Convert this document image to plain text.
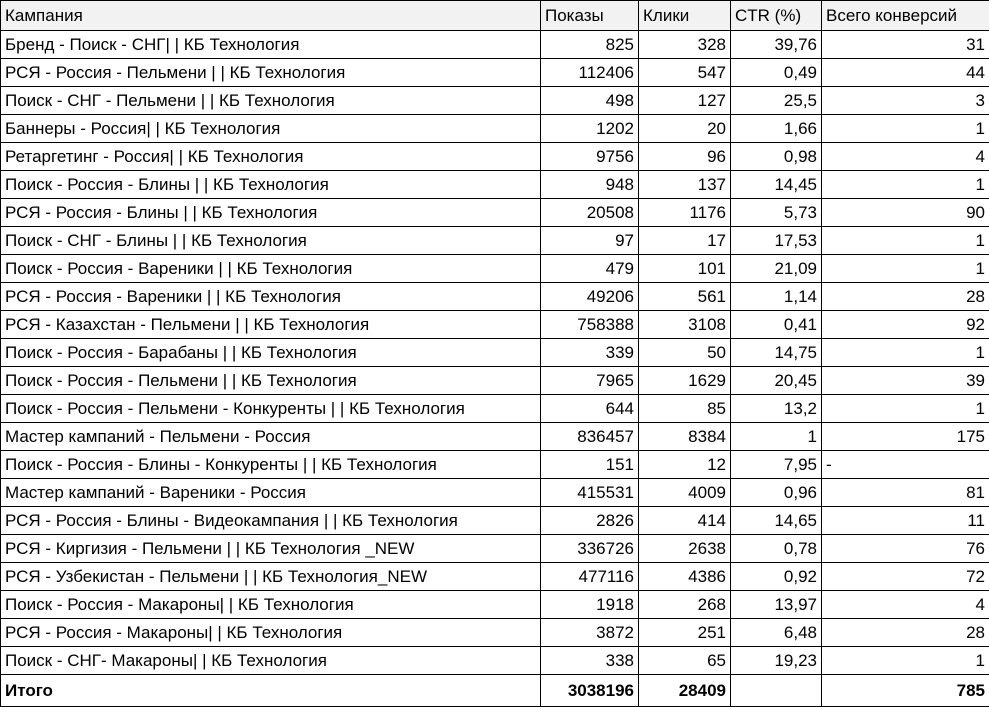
Кампания	Показы	Клики	CTR (%)	Всего конверсий
Бренд - Поиск - СНГ| | КБ Технология	825	328	39,76	31
РСЯ - Россия - Пельмени | | КБ Технология	112406	547	0,49	44
Поиск - СНГ - Пельмени | | КБ Технология	498	127	25,5	3
Баннеры - Россия| | КБ Технология	1202	20	1,66	1
Ретаргетинг - Россия| | КБ Технология	9756	96	0,98	4
Поиск - Россия - Блины | | КБ Технология	948	137	14,45	1
РСЯ - Россия - Блины | | КБ Технология	20508	1176	5,73	90
Поиск - СНГ - Блины | | КБ Технология	97	17	17,53	1
Поиск - Россия - Вареники | | КБ Технология	479	101	21,09	1
РСЯ - Россия - Вареники | | КБ Технология	49206	561	1,14	28
РСЯ - Казахстан - Пельмени | | КБ Технология	758388	3108	0,41	92
Поиск - Россия - Барабаны | | КБ Технология	339	50	14,75	1
Поиск - Россия - Пельмени | | КБ Технология	7965	1629	20,45	39
Поиск - Россия - Пельмени - Конкуренты | | КБ Технология	644	85	13,2	1
Мастер кампаний - Пельмени - Россия	836457	8384	1	175
Поиск - Россия - Блины - Конкуренты | | КБ Технология	151	12	7,95	-
Мастер кампаний - Вареники - Россия	415531	4009	0,96	81
РСЯ - Россия - Блины - Видеокампания | | КБ Технология	2826	414	14,65	11
РСЯ - Киргизия - Пельмени | | КБ Технология _NEW	336726	2638	0,78	76
РСЯ - Узбекистан - Пельмени | | КБ Технология_NEW	477116	4386	0,92	72
Поиск - Россия - Макароны| | КБ Технология	1918	268	13,97	4
РСЯ - Россия - Макароны| | КБ Технология	3872	251	6,48	28
Поиск - СНГ- Макароны| | КБ Технология	338	65	19,23	1
Итого	3038196	28409		785
